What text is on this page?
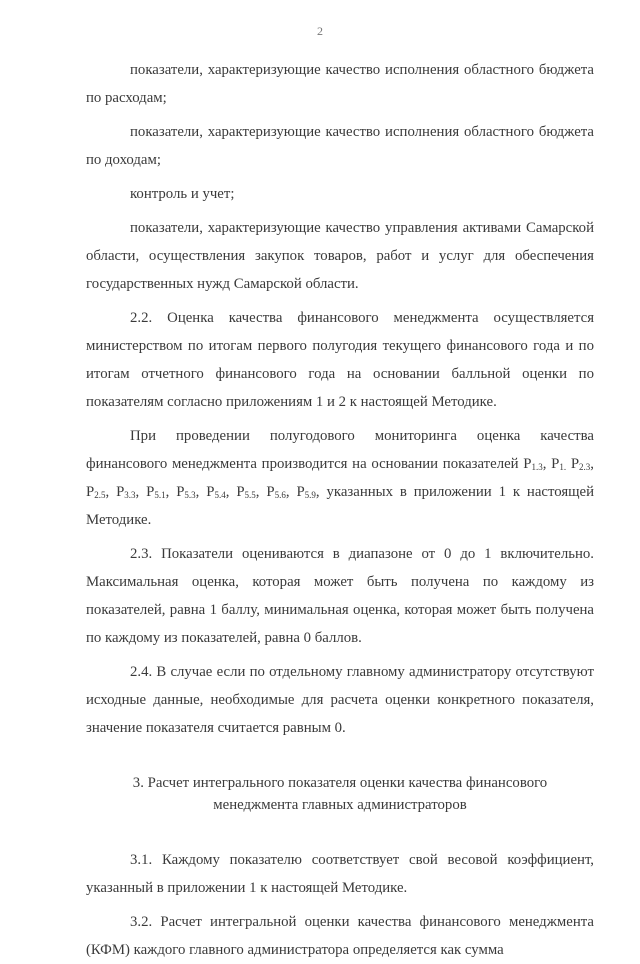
2

показатели, характеризующие качество исполнения областного бюджета по расходам;

показатели, характеризующие качество исполнения областного бюджета по доходам;

контроль и учет;

показатели, характеризующие качество управления активами Самарской области, осуществления закупок товаров, работ и услуг для обеспечения государственных нужд Самарской области.

2.2. Оценка качества финансового менеджмента осуществляется министерством по итогам первого полугодия текущего финансового года и по итогам отчетного финансового года на основании балльной оценки по показателям согласно приложениям 1 и 2 к настоящей Методике.

При проведении полугодового мониторинга оценка качества финансового менеджмента производится на основании показателей $P_{1.3}$, $P_{1.}$ $P_{2.3}$, $P_{2.5}$, $P_{3.3}$, $P_{5.1}$, $P_{5.3}$, $P_{5.4}$, $P_{5.5}$, $P_{5.6}$, $P_{5.9}$, указанных в приложении 1 к настоящей Методике.

2.3. Показатели оцениваются в диапазоне от 0 до 1 включительно. Максимальная оценка, которая может быть получена по каждому из показателей, равна 1 баллу, минимальная оценка, которая может быть получена по каждому из показателей, равна 0 баллов.

2.4. В случае если по отдельному главному администратору отсутствуют исходные данные, необходимые для расчета оценки конкретного показателя, значение показателя считается равным 0.

3. Расчет интегрального показателя оценки качества финансового
менеджмента главных администраторов

3.1. Каждому показателю соответствует свой весовой коэффициент, указанный в приложении 1 к настоящей Методике.

3.2. Расчет интегральной оценки качества финансового менеджмента (КФМ) каждого главного администратора определяется как сумма
